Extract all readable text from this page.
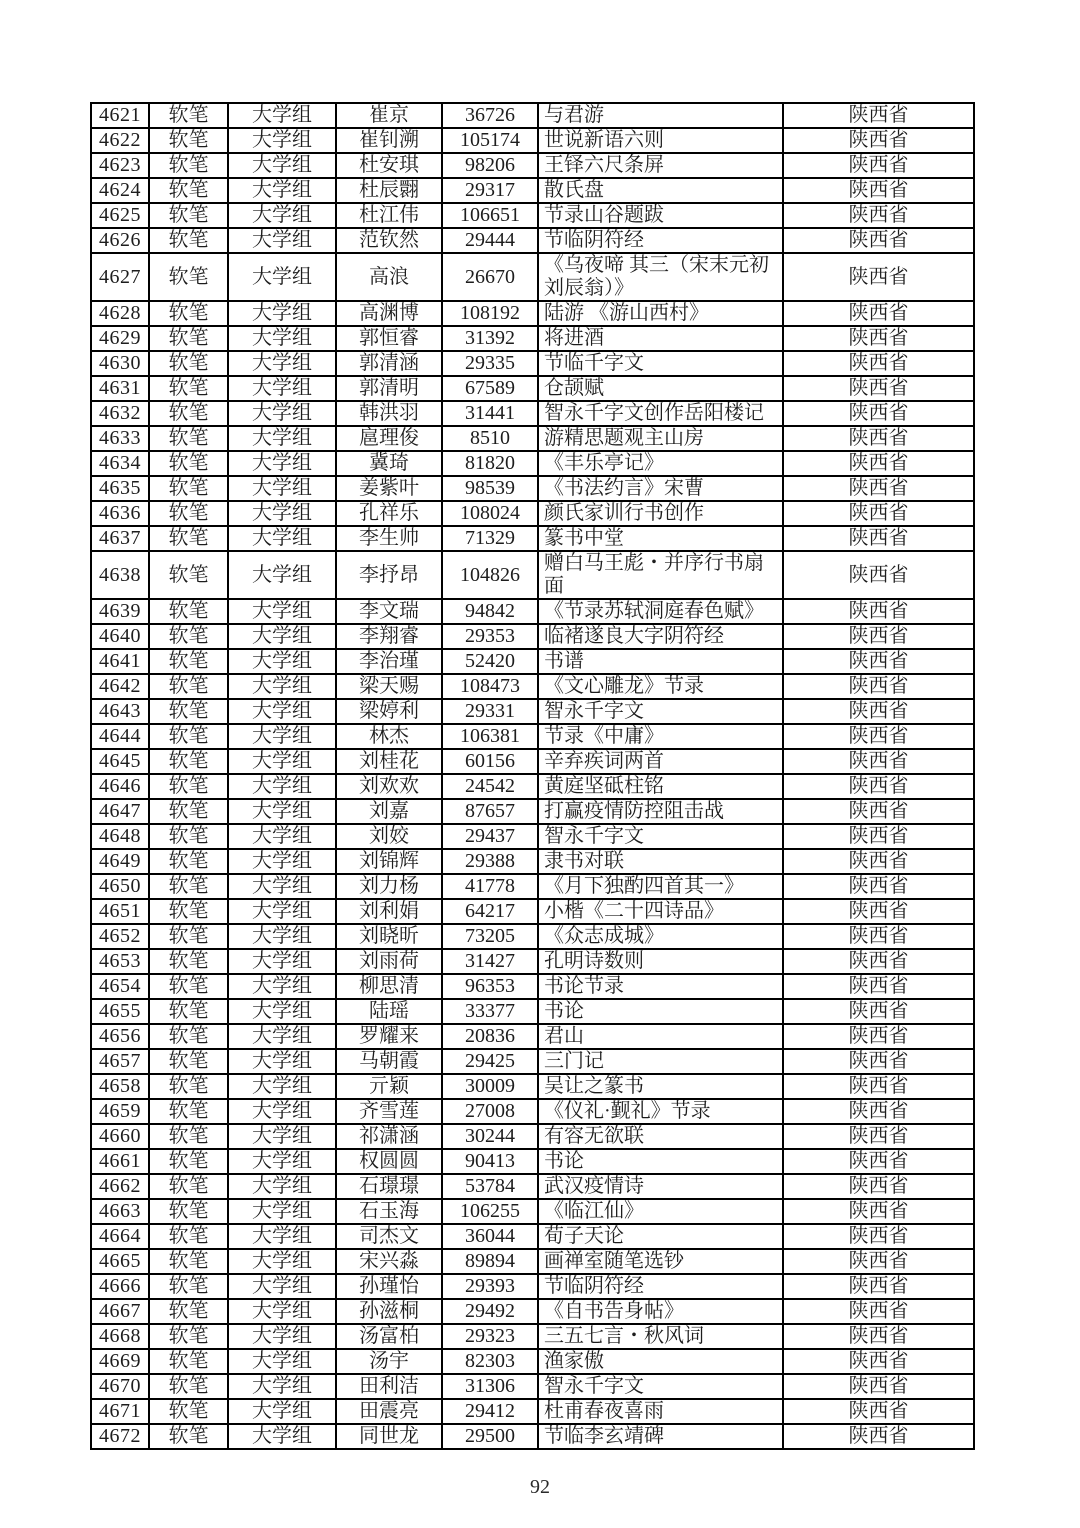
4621	软笔	大学组	崔京	36726	与君游	陕西省
4622	软笔	大学组	崔钊溯	105174	世说新语六则	陕西省
4623	软笔	大学组	杜安琪	98206	王铎六尺条屏	陕西省
4624	软笔	大学组	杜辰翾	29317	散氏盘	陕西省
4625	软笔	大学组	杜江伟	106651	节录山谷题跋	陕西省
4626	软笔	大学组	范钦然	29444	节临阴符经	陕西省
4627	软笔	大学组	高浪	26670	《乌夜啼 其三（宋末元初刘辰翁）》	陕西省
4628	软笔	大学组	高渊博	108192	陆游 《游山西村》	陕西省
4629	软笔	大学组	郭恒睿	31392	将进酒	陕西省
4630	软笔	大学组	郭清涵	29335	节临千字文	陕西省
4631	软笔	大学组	郭清明	67589	仓颉赋	陕西省
4632	软笔	大学组	韩洪羽	31441	智永千字文创作岳阳楼记	陕西省
4633	软笔	大学组	扈理俊	8510	游精思题观主山房	陕西省
4634	软笔	大学组	冀琦	81820	《丰乐亭记》	陕西省
4635	软笔	大学组	姜紫叶	98539	《书法约言》宋曹	陕西省
4636	软笔	大学组	孔祥乐	108024	颜氏家训行书创作	陕西省
4637	软笔	大学组	李生帅	71329	篆书中堂	陕西省
4638	软笔	大学组	李抒昂	104826	赠白马王彪・并序行书扇面	陕西省
4639	软笔	大学组	李文瑞	94842	《节录苏轼洞庭春色赋》	陕西省
4640	软笔	大学组	李翔睿	29353	临褚遂良大字阴符经	陕西省
4641	软笔	大学组	李治瑾	52420	书谱	陕西省
4642	软笔	大学组	梁天赐	108473	《文心雕龙》节录	陕西省
4643	软笔	大学组	梁婷利	29331	智永千字文	陕西省
4644	软笔	大学组	林杰	106381	节录《中庸》	陕西省
4645	软笔	大学组	刘桂花	60156	辛弃疾词两首	陕西省
4646	软笔	大学组	刘欢欢	24542	黄庭坚砥柱铭	陕西省
4647	软笔	大学组	刘嘉	87657	打赢疫情防控阻击战	陕西省
4648	软笔	大学组	刘姣	29437	智永千字文	陕西省
4649	软笔	大学组	刘锦辉	29388	隶书对联	陕西省
4650	软笔	大学组	刘力杨	41778	《月下独酌四首其一》	陕西省
4651	软笔	大学组	刘利娟	64217	小楷《二十四诗品》	陕西省
4652	软笔	大学组	刘晓昕	73205	《众志成城》	陕西省
4653	软笔	大学组	刘雨荷	31427	孔明诗数则	陕西省
4654	软笔	大学组	柳思清	96353	书论节录	陕西省
4655	软笔	大学组	陆瑶	33377	书论	陕西省
4656	软笔	大学组	罗耀来	20836	君山	陕西省
4657	软笔	大学组	马朝霞	29425	三门记	陕西省
4658	软笔	大学组	亓颖	30009	吴让之篆书	陕西省
4659	软笔	大学组	齐雪莲	27008	《仪礼·觐礼》节录	陕西省
4660	软笔	大学组	祁潇涵	30244	有容无欲联	陕西省
4661	软笔	大学组	权圆圆	90413	书论	陕西省
4662	软笔	大学组	石璟璟	53784	武汉疫情诗	陕西省
4663	软笔	大学组	石玉海	106255	《临江仙》	陕西省
4664	软笔	大学组	司杰文	36044	荀子天论	陕西省
4665	软笔	大学组	宋兴淼	89894	画禅室随笔选钞	陕西省
4666	软笔	大学组	孙瑾怡	29393	节临阴符经	陕西省
4667	软笔	大学组	孙滋桐	29492	《自书告身帖》	陕西省
4668	软笔	大学组	汤富柏	29323	三五七言・秋风词	陕西省
4669	软笔	大学组	汤宇	82303	渔家傲	陕西省
4670	软笔	大学组	田利洁	31306	智永千字文	陕西省
4671	软笔	大学组	田震亮	29412	杜甫春夜喜雨	陕西省
4672	软笔	大学组	同世龙	29500	节临李玄靖碑	陕西省
92
